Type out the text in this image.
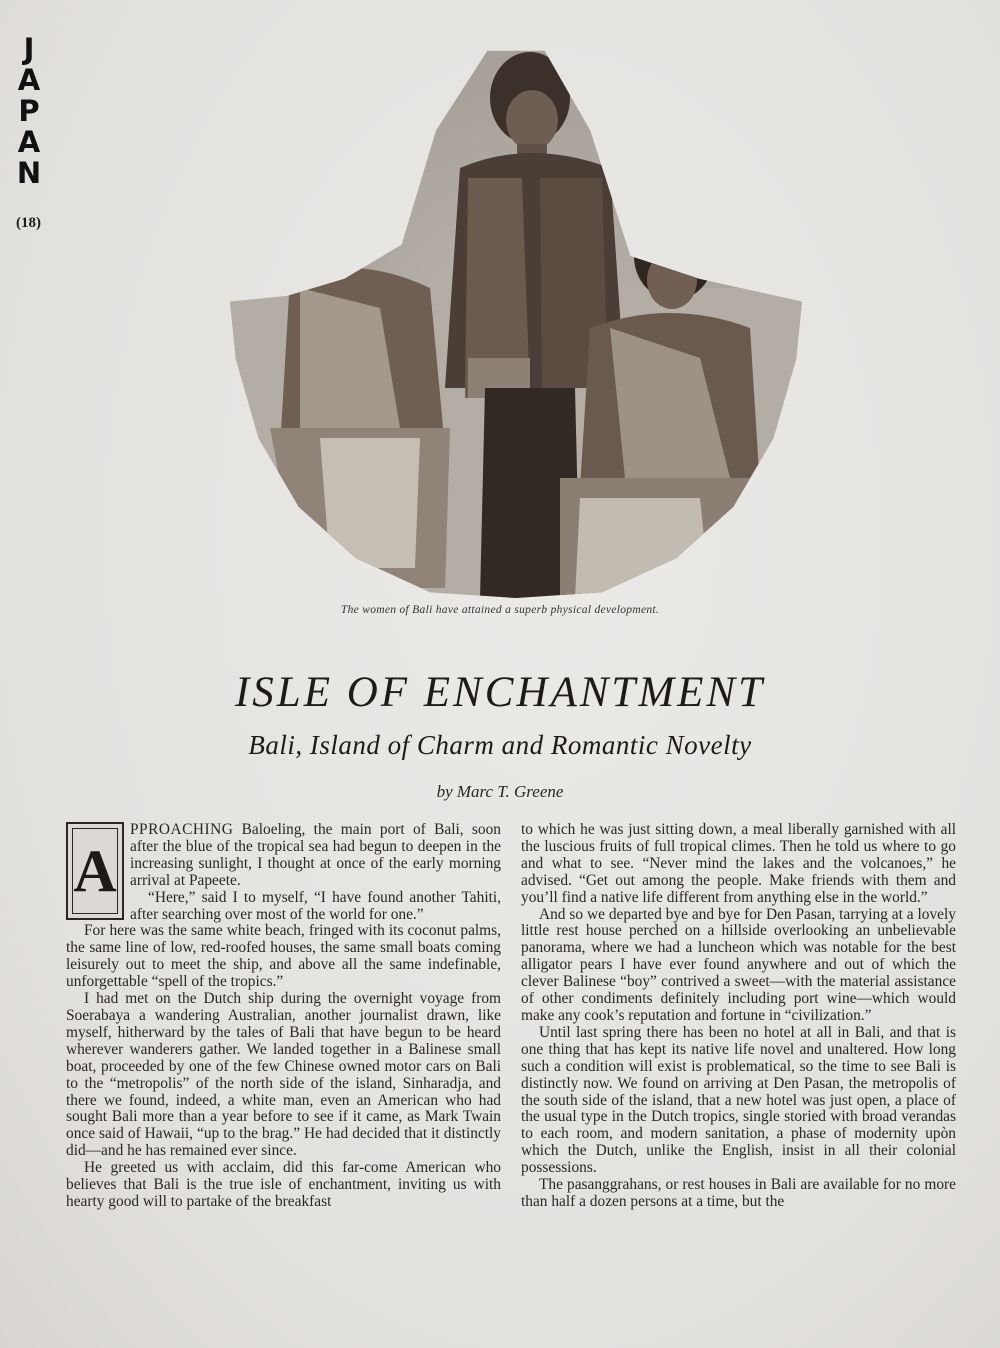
J
A
P
A
N
(18)
The women of Bali have attained a superb physical development.
ISLE OF ENCHANTMENT
Bali, Island of Charm and Romantic Novelty
by Marc T. Greene
A

PPROACHING Baloeling, the main port of Bali, soon after the blue of the tropical sea had begun to deepen in the increasing sunlight, I thought at once of the early morning arrival at Papeete.

“Here,” said I to myself, “I have found another Tahiti, after searching over most of the world for one.”

For here was the same white beach, fringed with its coconut palms, the same line of low, red-roofed houses, the same small boats coming leisurely out to meet the ship, and above all the same indefinable, unforgettable “spell of the tropics.”

I had met on the Dutch ship during the overnight voyage from Soerabaya a wandering Australian, another journalist drawn, like myself, hitherward by the tales of Bali that have begun to be heard wherever wanderers gather. We landed together in a Balinese small boat, proceeded by one of the few Chinese owned motor cars on Bali to the “metropolis” of the north side of the island, Sinharadja, and there we found, indeed, a white man, even an American who had sought Bali more than a year before to see if it came, as Mark Twain once said of Hawaii, “up to the brag.” He had decided that it distinctly did—and he has remained ever since.

He greeted us with acclaim, did this far-come American who believes that Bali is the true isle of enchantment, inviting us with hearty good will to partake of the breakfast

to which he was just sitting down, a meal liberally garnished with all the luscious fruits of full tropical climes. Then he told us where to go and what to see. “Never mind the lakes and the volcanoes,” he advised. “Get out among the people. Make friends with them and you’ll find a native life different from anything else in the world.”

And so we departed bye and bye for Den Pasan, tarrying at a lovely little rest house perched on a hillside overlooking an unbelievable panorama, where we had a luncheon which was notable for the best alligator pears I have ever found anywhere and out of which the clever Balinese “boy” contrived a sweet—with the material assistance of other condiments definitely including port wine—which would make any cook’s reputation and fortune in “civilization.”

Until last spring there has been no hotel at all in Bali, and that is one thing that has kept its native life novel and unaltered. How long such a condition will exist is problematical, so the time to see Bali is distinctly now. We found on arriving at Den Pasan, the metropolis of the south side of the island, that a new hotel was just open, a place of the usual type in the Dutch tropics, single storied with broad verandas to each room, and modern sanitation, a phase of modernity upòn which the Dutch, unlike the English, insist in all their colonial possessions.

The pasanggrahans, or rest houses in Bali are available for no more than half a dozen persons at a time, but the
